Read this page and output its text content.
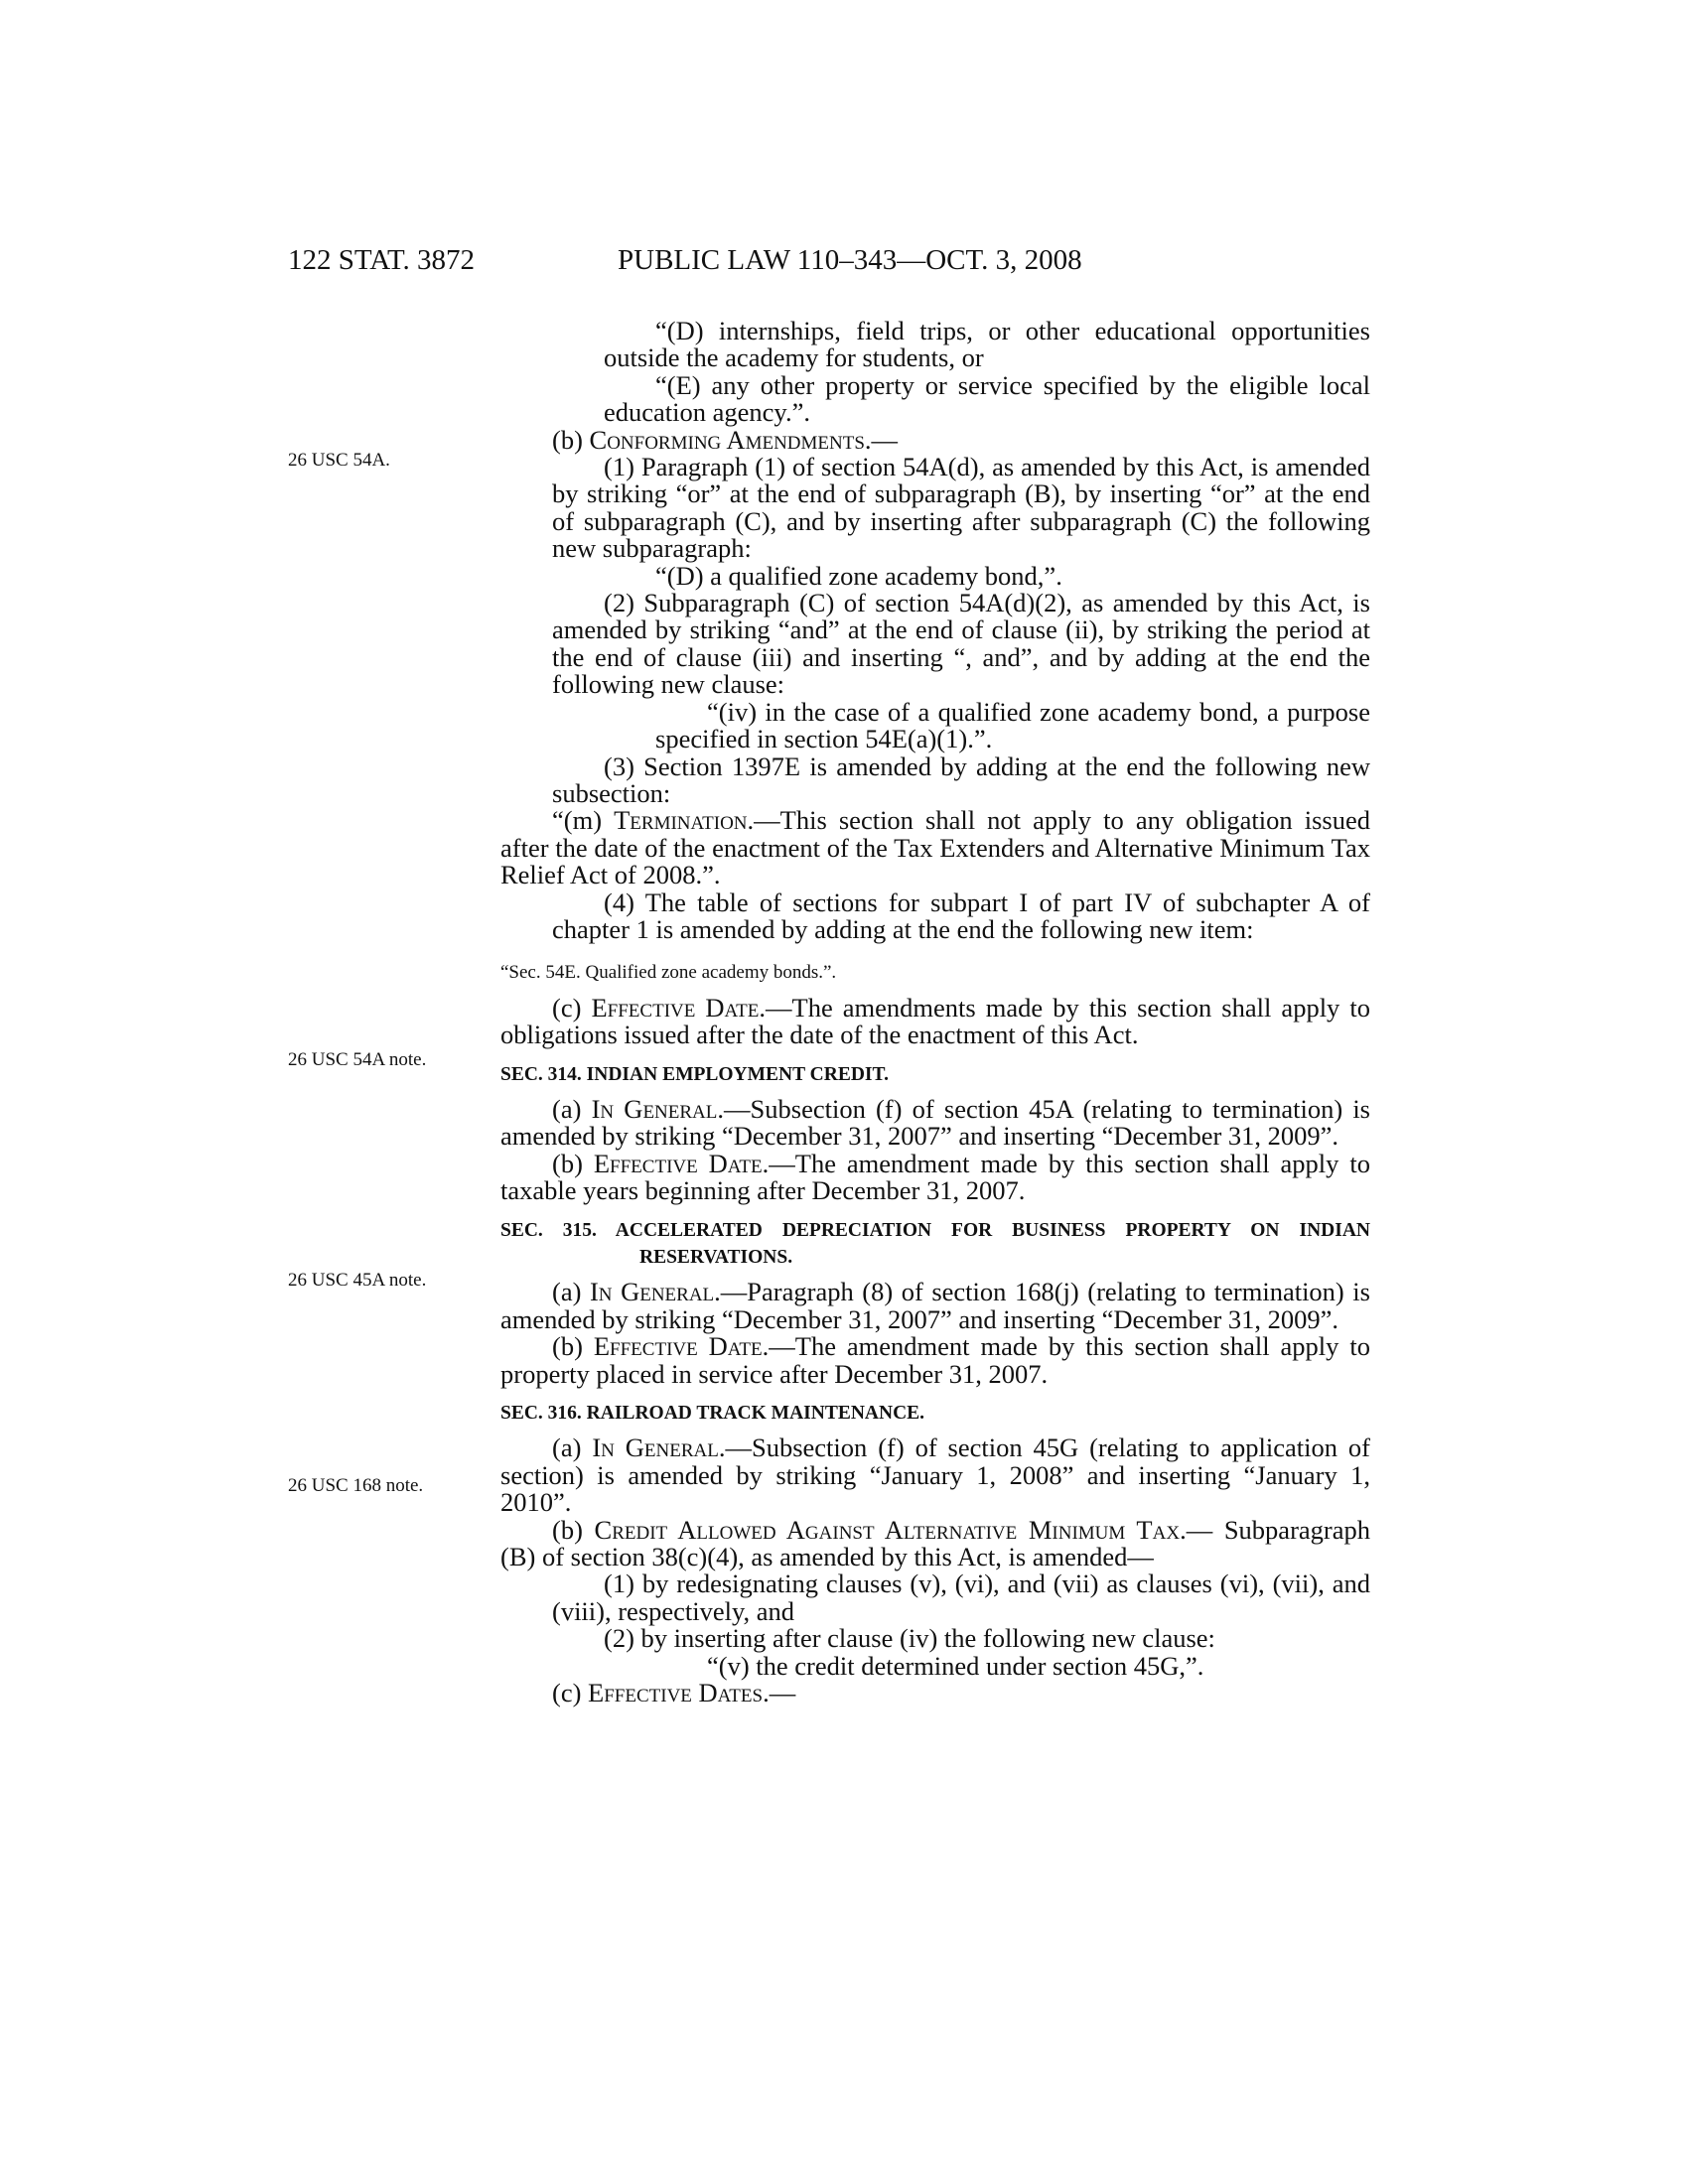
122 STAT. 3872	PUBLIC LAW 110–343—OCT. 3, 2008
26 USC 54A.
26 USC 54A note.
26 USC 45A note.
26 USC 168 note.

“(D) internships, field trips, or other educational opportunities outside the academy for students, or

“(E) any other property or service specified by the eligible local education agency.”.

(b) Conforming Amendments.—

(1) Paragraph (1) of section 54A(d), as amended by this Act, is amended by striking “or” at the end of subparagraph (B), by inserting “or” at the end of subparagraph (C), and by inserting after subparagraph (C) the following new subparagraph:

“(D) a qualified zone academy bond,”.

(2) Subparagraph (C) of section 54A(d)(2), as amended by this Act, is amended by striking “and” at the end of clause (ii), by striking the period at the end of clause (iii) and inserting “, and”, and by adding at the end the following new clause:

“(iv) in the case of a qualified zone academy bond, a purpose specified in section 54E(a)(1).”.

(3) Section 1397E is amended by adding at the end the following new subsection:

“(m) Termination.—This section shall not apply to any obligation issued after the date of the enactment of the Tax Extenders and Alternative Minimum Tax Relief Act of 2008.”.

(4) The table of sections for subpart I of part IV of subchapter A of chapter 1 is amended by adding at the end the following new item:

“Sec. 54E. Qualified zone academy bonds.”.

(c) Effective Date.—The amendments made by this section shall apply to obligations issued after the date of the enactment of this Act.

SEC. 314. INDIAN EMPLOYMENT CREDIT.

(a) In General.—Subsection (f) of section 45A (relating to termination) is amended by striking “December 31, 2007” and inserting “December 31, 2009”.

(b) Effective Date.—The amendment made by this section shall apply to taxable years beginning after December 31, 2007.

SEC. 315. ACCELERATED DEPRECIATION FOR BUSINESS PROPERTY ON INDIAN RESERVATIONS.

(a) In General.—Paragraph (8) of section 168(j) (relating to termination) is amended by striking “December 31, 2007” and inserting “December 31, 2009”.

(b) Effective Date.—The amendment made by this section shall apply to property placed in service after December 31, 2007.

SEC. 316. RAILROAD TRACK MAINTENANCE.

(a) In General.—Subsection (f) of section 45G (relating to application of section) is amended by striking “January 1, 2008” and inserting “January 1, 2010”.

(b) Credit Allowed Against Alternative Minimum Tax.— Subparagraph (B) of section 38(c)(4), as amended by this Act, is amended—

(1) by redesignating clauses (v), (vi), and (vii) as clauses (vi), (vii), and (viii), respectively, and

(2) by inserting after clause (iv) the following new clause:

“(v) the credit determined under section 45G,”.

(c) Effective Dates.—
